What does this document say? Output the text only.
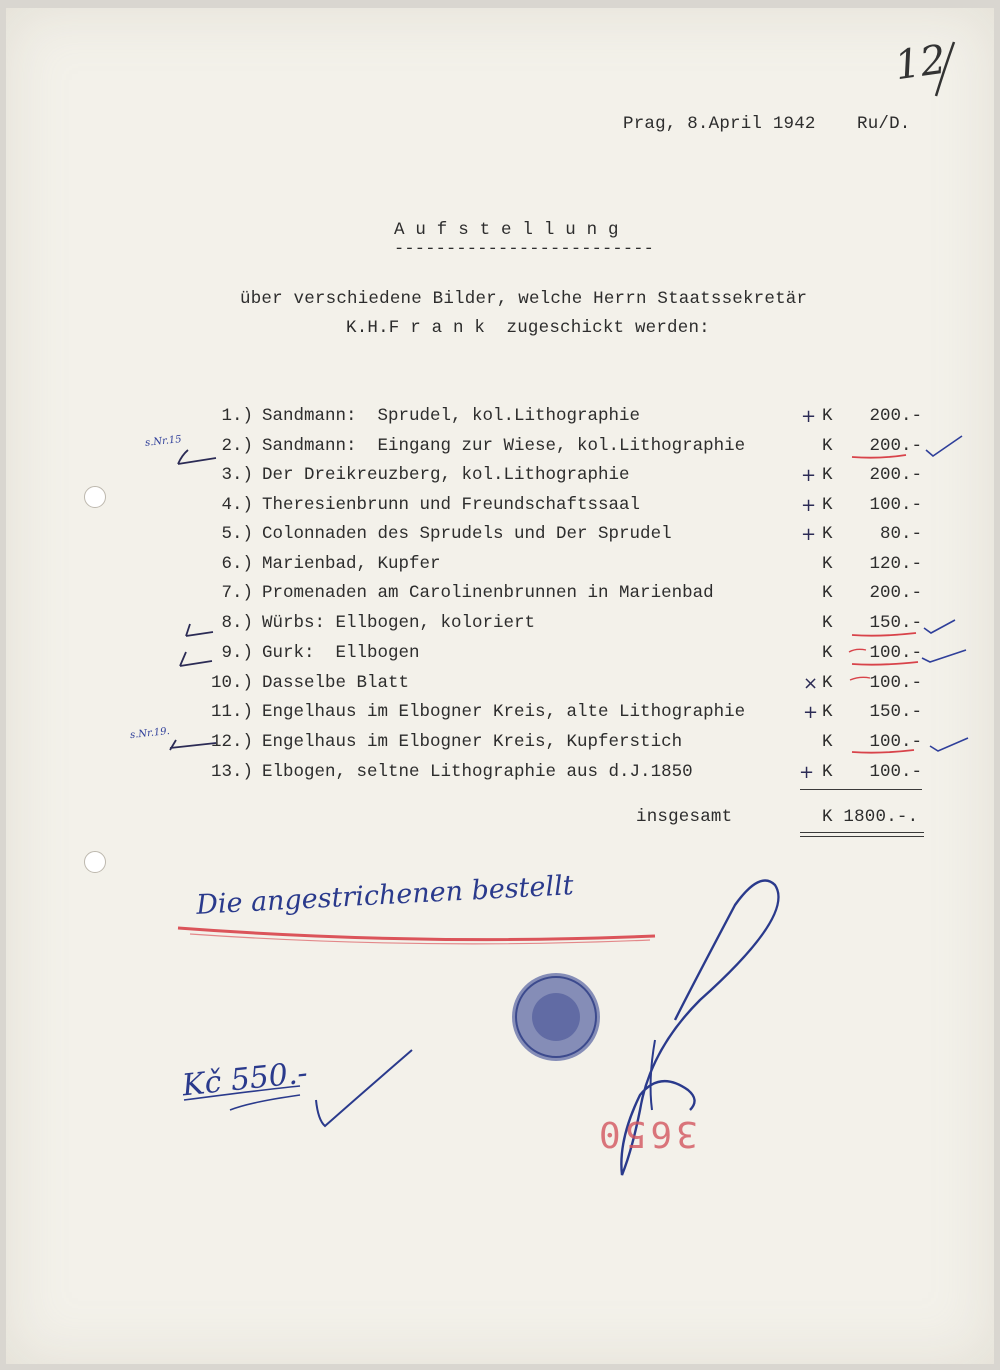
12
Prag, 8.April 1942 Ru/D.
A u f s t e l l u n g
-------------------------
über verschiedene Bilder, welche Herrn Staatssekretär
K.H.F r a n k  zugeschickt werden:
1.) Sandmann:  Sprudel, kol.Lithographie	K 200.-
2.) Sandmann:  Eingang zur Wiese, kol.Lithographie	K 200.-
3.) Der Dreikreuzberg, kol.Lithographie	K 200.-
4.) Theresienbrunn und Freundschaftssaal	K 100.-
5.) Colonnaden des Sprudels und Der Sprudel	K	80.-
6.) Marienbad, Kupfer	K 120.-
7.) Promenaden am Carolinenbrunnen in Marienbad	K 200.-
8.) Würbs: Ellbogen, koloriert	K 150.-
9.) Gurk:  Ellbogen	K 100.-
10.) Dasselbe Blatt	K 100.-
11.) Engelhaus im Elbogner Kreis, alte Lithographie	K 150.-
12.) Engelhaus im Elbogner Kreis, Kupferstich	K 100.-
13.) Elbogen, seltne Lithographie aus d.J.1850	K 100.-
insgesamt	K 1800.-.
+
+
+
+
×
+
+
s.Nr.15
s.Nr.19.
Die angestrichenen bestellt
Kč 550.-
3650
